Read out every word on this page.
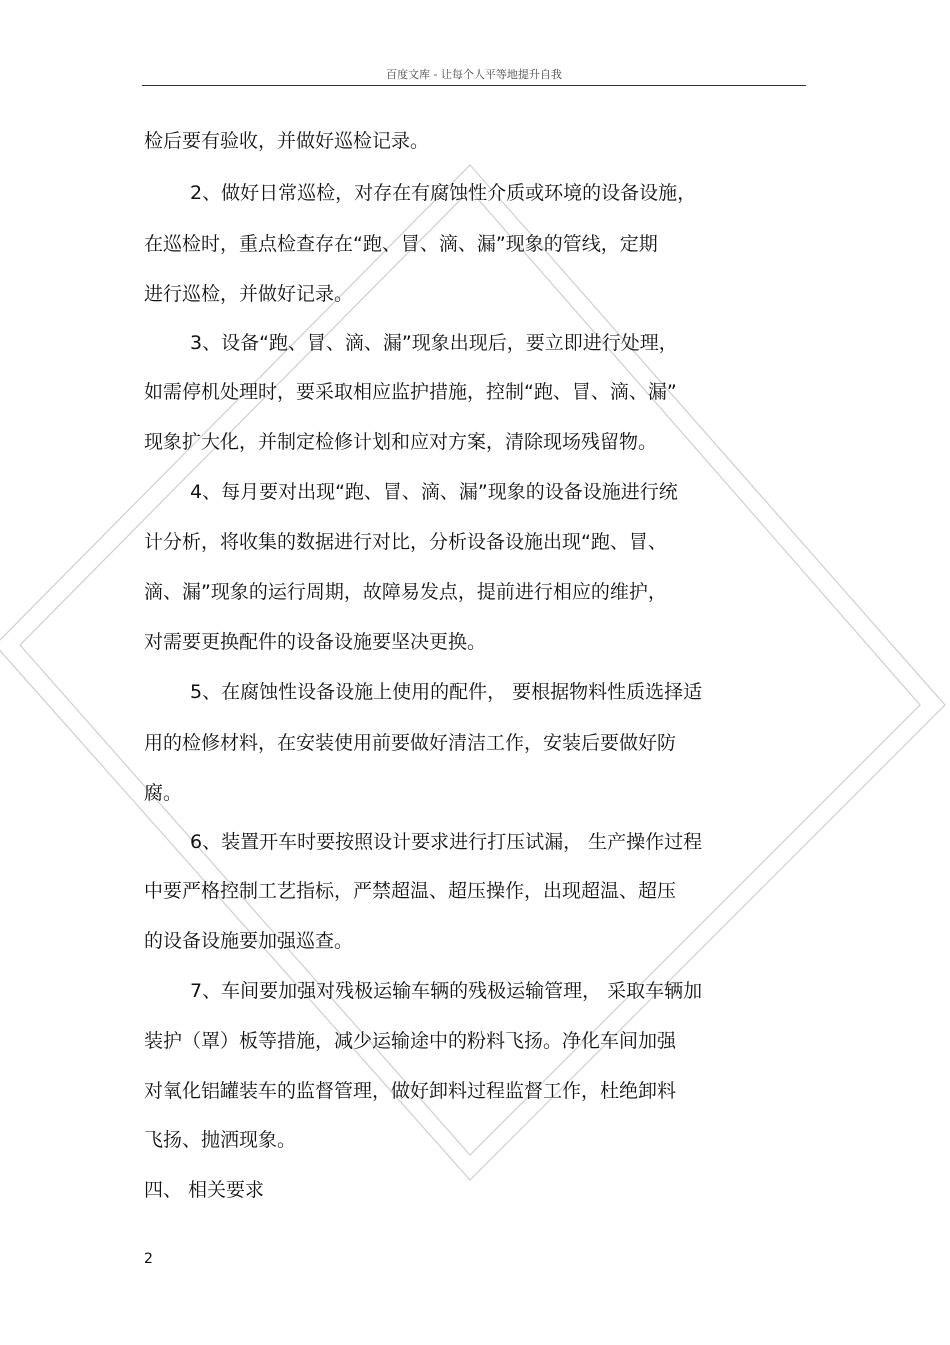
百度文库 - 让每个人平等地提升自我
检后要有验收，并做好巡检记录。
2、做好日常巡检，对存在有腐蚀性介质或环境的设备设施，
在巡检时，重点检查存在“跑、冒、滴、漏”现象的管线，定期
进行巡检，并做好记录。
3、设备“跑、冒、滴、漏”现象出现后，要立即进行处理，
如需停机处理时，要采取相应监护措施，控制“跑、冒、滴、漏”
现象扩大化，并制定检修计划和应对方案，清除现场残留物。
4、每月要对出现“跑、冒、滴、漏”现象的设备设施进行统
计分析，将收集的数据进行对比，分析设备设施出现“跑、冒、
滴、漏”现象的运行周期，故障易发点，提前进行相应的维护，
对需要更换配件的设备设施要坚决更换。
5、在腐蚀性设备设施上使用的配件， 要根据物料性质选择适
用的检修材料，在安装使用前要做好清洁工作，安装后要做好防
腐。
6、装置开车时要按照设计要求进行打压试漏， 生产操作过程
中要严格控制工艺指标，严禁超温、超压操作，出现超温、超压
的设备设施要加强巡查。
7、车间要加强对残极运输车辆的残极运输管理， 采取车辆加
装护（罩）板等措施，减少运输途中的粉料飞扬。净化车间加强
对氧化铝罐装车的监督管理，做好卸料过程监督工作，杜绝卸料
飞扬、抛洒现象。
四、 相关要求
2
